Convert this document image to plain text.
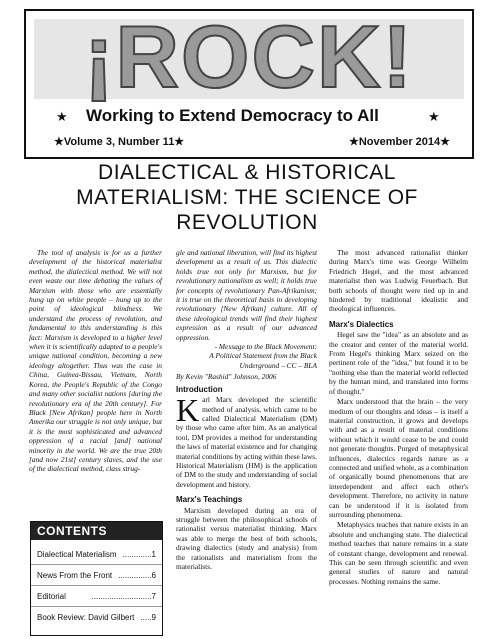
¡ROCK!
★ Working to Extend Democracy to All	★
★Volume 3, Number 11★	★November 2014★
DIALECTICAL & HISTORICAL
MATERIALISM: THE SCIENCE OF
REVOLUTION
The tool of analysis is for us a further development of the historical materialist method, the dialectical method. We will not even waste our time debating the values of Marxism with those who are essentially hung up on white people – hung up to the point of ideological blindness. We understand the process of revolution, and fundamental to this understanding is this fact: Marxism is developed to a higher level when it is scientifically adapted to a people's unique national condition, becoming a new ideology altogether. Thus was the case in China, Guinea-Bissau, Vietnam, North Korea, the People's Republic of the Congo and many other socialist nations [during the revolutionary era of the 20th century]. For Black [New Afrikan] people here in North Amerika our struggle is not only unique, but it is the most sophisticated and advanced oppression of a racial [and] national minority in the world. We are the true 20th [and now 21st] century slaves, and the use of the dialectical method, class strug-
gle and national liberation, will find its highest development as a result of us. This dialectic holds true not only for Marxism, but for revolutionary nationalism as well; it holds true for concepts of revolutionary Pan-Afrikanism; it is true on the theoretical basis in developing revolutionary [New Afrikan] culture. All of these ideological trends will find their highest expression as a result of our advanced oppression.
- Message to the Black Movement:
A Political Statement from the Black
Underground – CC – BLA
By Kevin "Rashid" Johnson, 2006
Introduction
K arl Marx developed the scientific method of analysis, which came to be called Dialectical Materialism (DM) by those who came after him. As an analytical tool, DM provides a method for understanding the laws of material existence and for changing material conditions by acting within these laws. Historical Materialism (HM) is the application of DM to the study and understanding of social development and history.
Marx's Teachings
Marxism developed during an era of struggle between the philosophical schools of rationalist versus materialist thinking. Marx was able to merge the best of both schools, drawing dialectics (study and analysis) from the rationalists and materialism from the materialists.
The most advanced rationalist thinker during Marx's time was George Wilhelm Friedrich Hegel, and the most advanced materialist then was Ludwig Feuerbach. But both schools of thought were tied up in and hindered by traditional idealistic and theological influences.
Marx's Dialectics
Hegel saw the "idea" as an absolute and as the creator and center of the material world. From Hegel's thinking Marx seized on the pertinent role of the "idea," but found it to be "nothing else than the material world reflected by the human mind, and translated into forms of thought."
Marx understood that the brain – the very medium of our thoughts and ideas – is itself a material construction, it grows and develops with and as a result of material conditions without which it would cease to be and could not generate thoughts. Purged of metaphysical influences, dialectics regards nature as a connected and unified whole, as a combination of organically bound phenomenons that are interdependent and affect each other's development. Therefore, no activity in nature can be understood if it is isolated from surrounding phenomena.
Metaphysics teaches that nature exists in an absolute and unchanging state. The dialectical method teaches that nature remains in a state of constant change, development and renewal. This can be seen through scientific and even general studies of nature and natural processes. Nothing remains the same.
CONTENTS
Dialectical Materialism .............1
News From the Front ...............6
Editorial	...........................7
Book Review: David Gilbert .....9
